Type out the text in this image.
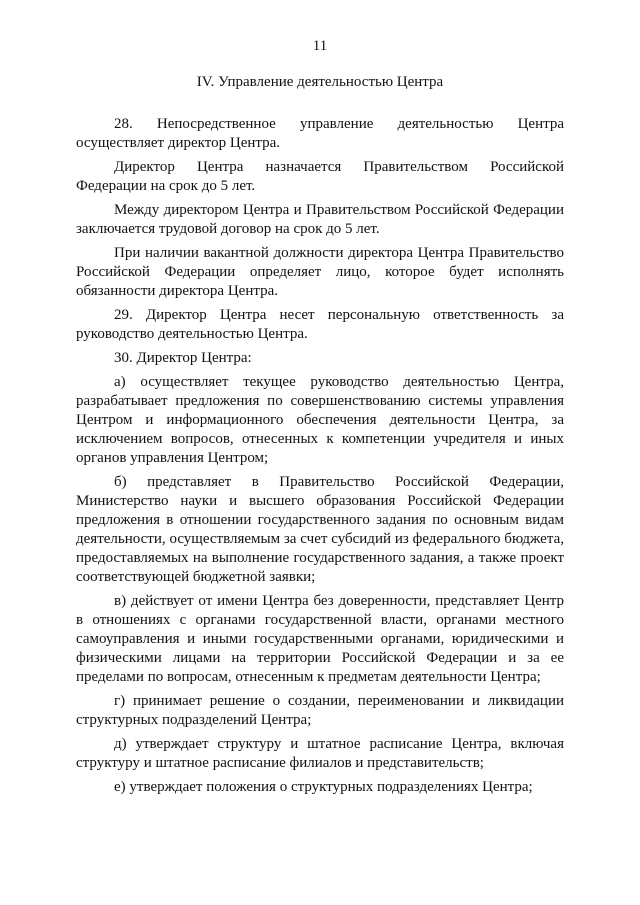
11
IV. Управление деятельностью Центра

28. Непосредственное управление деятельностью Центра осуществляет директор Центра.

Директор Центра назначается Правительством Российской Федерации на срок до 5 лет.

Между директором Центра и Правительством Российской Федерации заключается трудовой договор на срок до 5 лет.

При наличии вакантной должности директора Центра Правительство Российской Федерации определяет лицо, которое будет исполнять обязанности директора Центра.

29. Директор Центра несет персональную ответственность за руководство деятельностью Центра.

30. Директор Центра:

а) осуществляет текущее руководство деятельностью Центра, разрабатывает предложения по совершенствованию системы управления Центром и информационного обеспечения деятельности Центра, за исключением вопросов, отнесенных к компетенции учредителя и иных органов управления Центром;

б) представляет в Правительство Российской Федерации, Министерство науки и высшего образования Российской Федерации предложения в отношении государственного задания по основным видам деятельности, осуществляемым за счет субсидий из федерального бюджета, предоставляемых на выполнение государственного задания, а также проект соответствующей бюджетной заявки;

в) действует от имени Центра без доверенности, представляет Центр в отношениях с органами государственной власти, органами местного самоуправления и иными государственными органами, юридическими и физическими лицами на территории Российской Федерации и за ее пределами по вопросам, отнесенным к предметам деятельности Центра;

г) принимает решение о создании, переименовании и ликвидации структурных подразделений Центра;

д) утверждает структуру и штатное расписание Центра, включая структуру и штатное расписание филиалов и представительств;

е) утверждает положения о структурных подразделениях Центра;
